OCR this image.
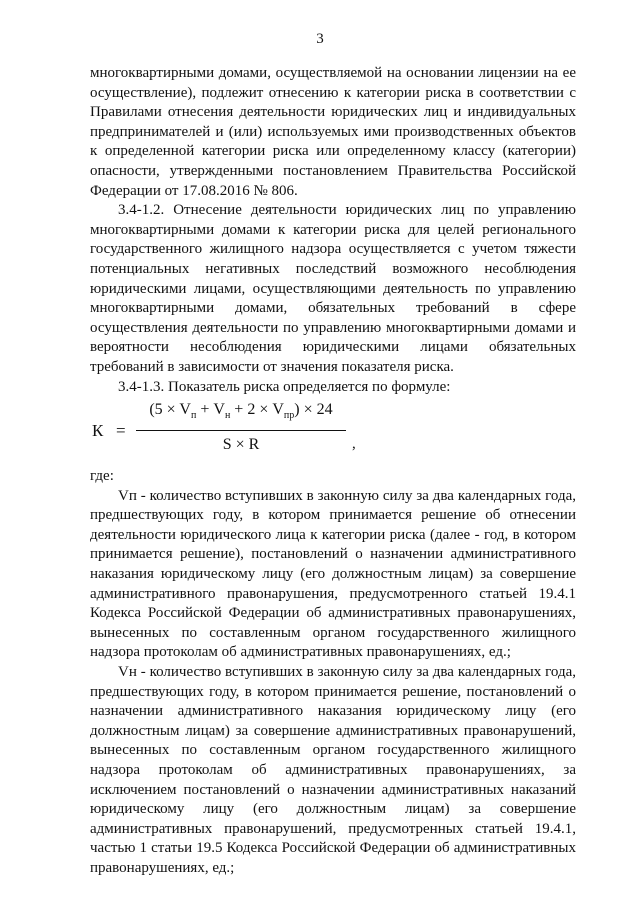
3

многоквартирными домами, осуществляемой на основании лицензии на ее осуществление), подлежит отнесению к категории риска в соответствии с Правилами отнесения деятельности юридических лиц и индивидуальных предпринимателей и (или) используемых ими производственных объектов к определенной категории риска или определенному классу (категории) опасности, утвержденными постановлением Правительства Российской Федерации от 17.08.2016 № 806.

3.4-1.2. Отнесение деятельности юридических лиц по управлению многоквартирными домами к категории риска для целей регионального государственного жилищного надзора осуществляется с учетом тяжести потенциальных негативных последствий возможного несоблюдения юридическими лицами, осуществляющими деятельность по управлению многоквартирными домами, обязательных требований в сфере осуществления деятельности по управлению многоквартирными домами и вероятности несоблюдения юридическими лицами обязательных требований в зависимости от значения показателя риска.

3.4-1.3. Показатель риска определяется по формуле:

К =
$(5 \times V_п + V_н + 2 \times V_{пр}) \times 24$
S × R	,

где:

Vп - количество вступивших в законную силу за два календарных года, предшествующих году, в котором принимается решение об отнесении деятельности юридического лица к категории риска (далее - год, в котором принимается решение), постановлений о назначении административного наказания юридическому лицу (его должностным лицам) за совершение административного правонарушения, предусмотренного статьей 19.4.1 Кодекса Российской Федерации об административных правонарушениях, вынесенных по составленным органом государственного жилищного надзора протоколам об административных правонарушениях, ед.;

Vн - количество вступивших в законную силу за два календарных года, предшествующих году, в котором принимается решение, постановлений о назначении административного наказания юридическому лицу (его должностным лицам) за совершение административных правонарушений, вынесенных по составленным органом государственного жилищного надзора протоколам об административных правонарушениях, за исключением постановлений о назначении административных наказаний юридическому лицу (его должностным лицам) за совершение административных правонарушений, предусмотренных статьей 19.4.1, частью 1 статьи 19.5 Кодекса Российской Федерации об административных правонарушениях, ед.;
